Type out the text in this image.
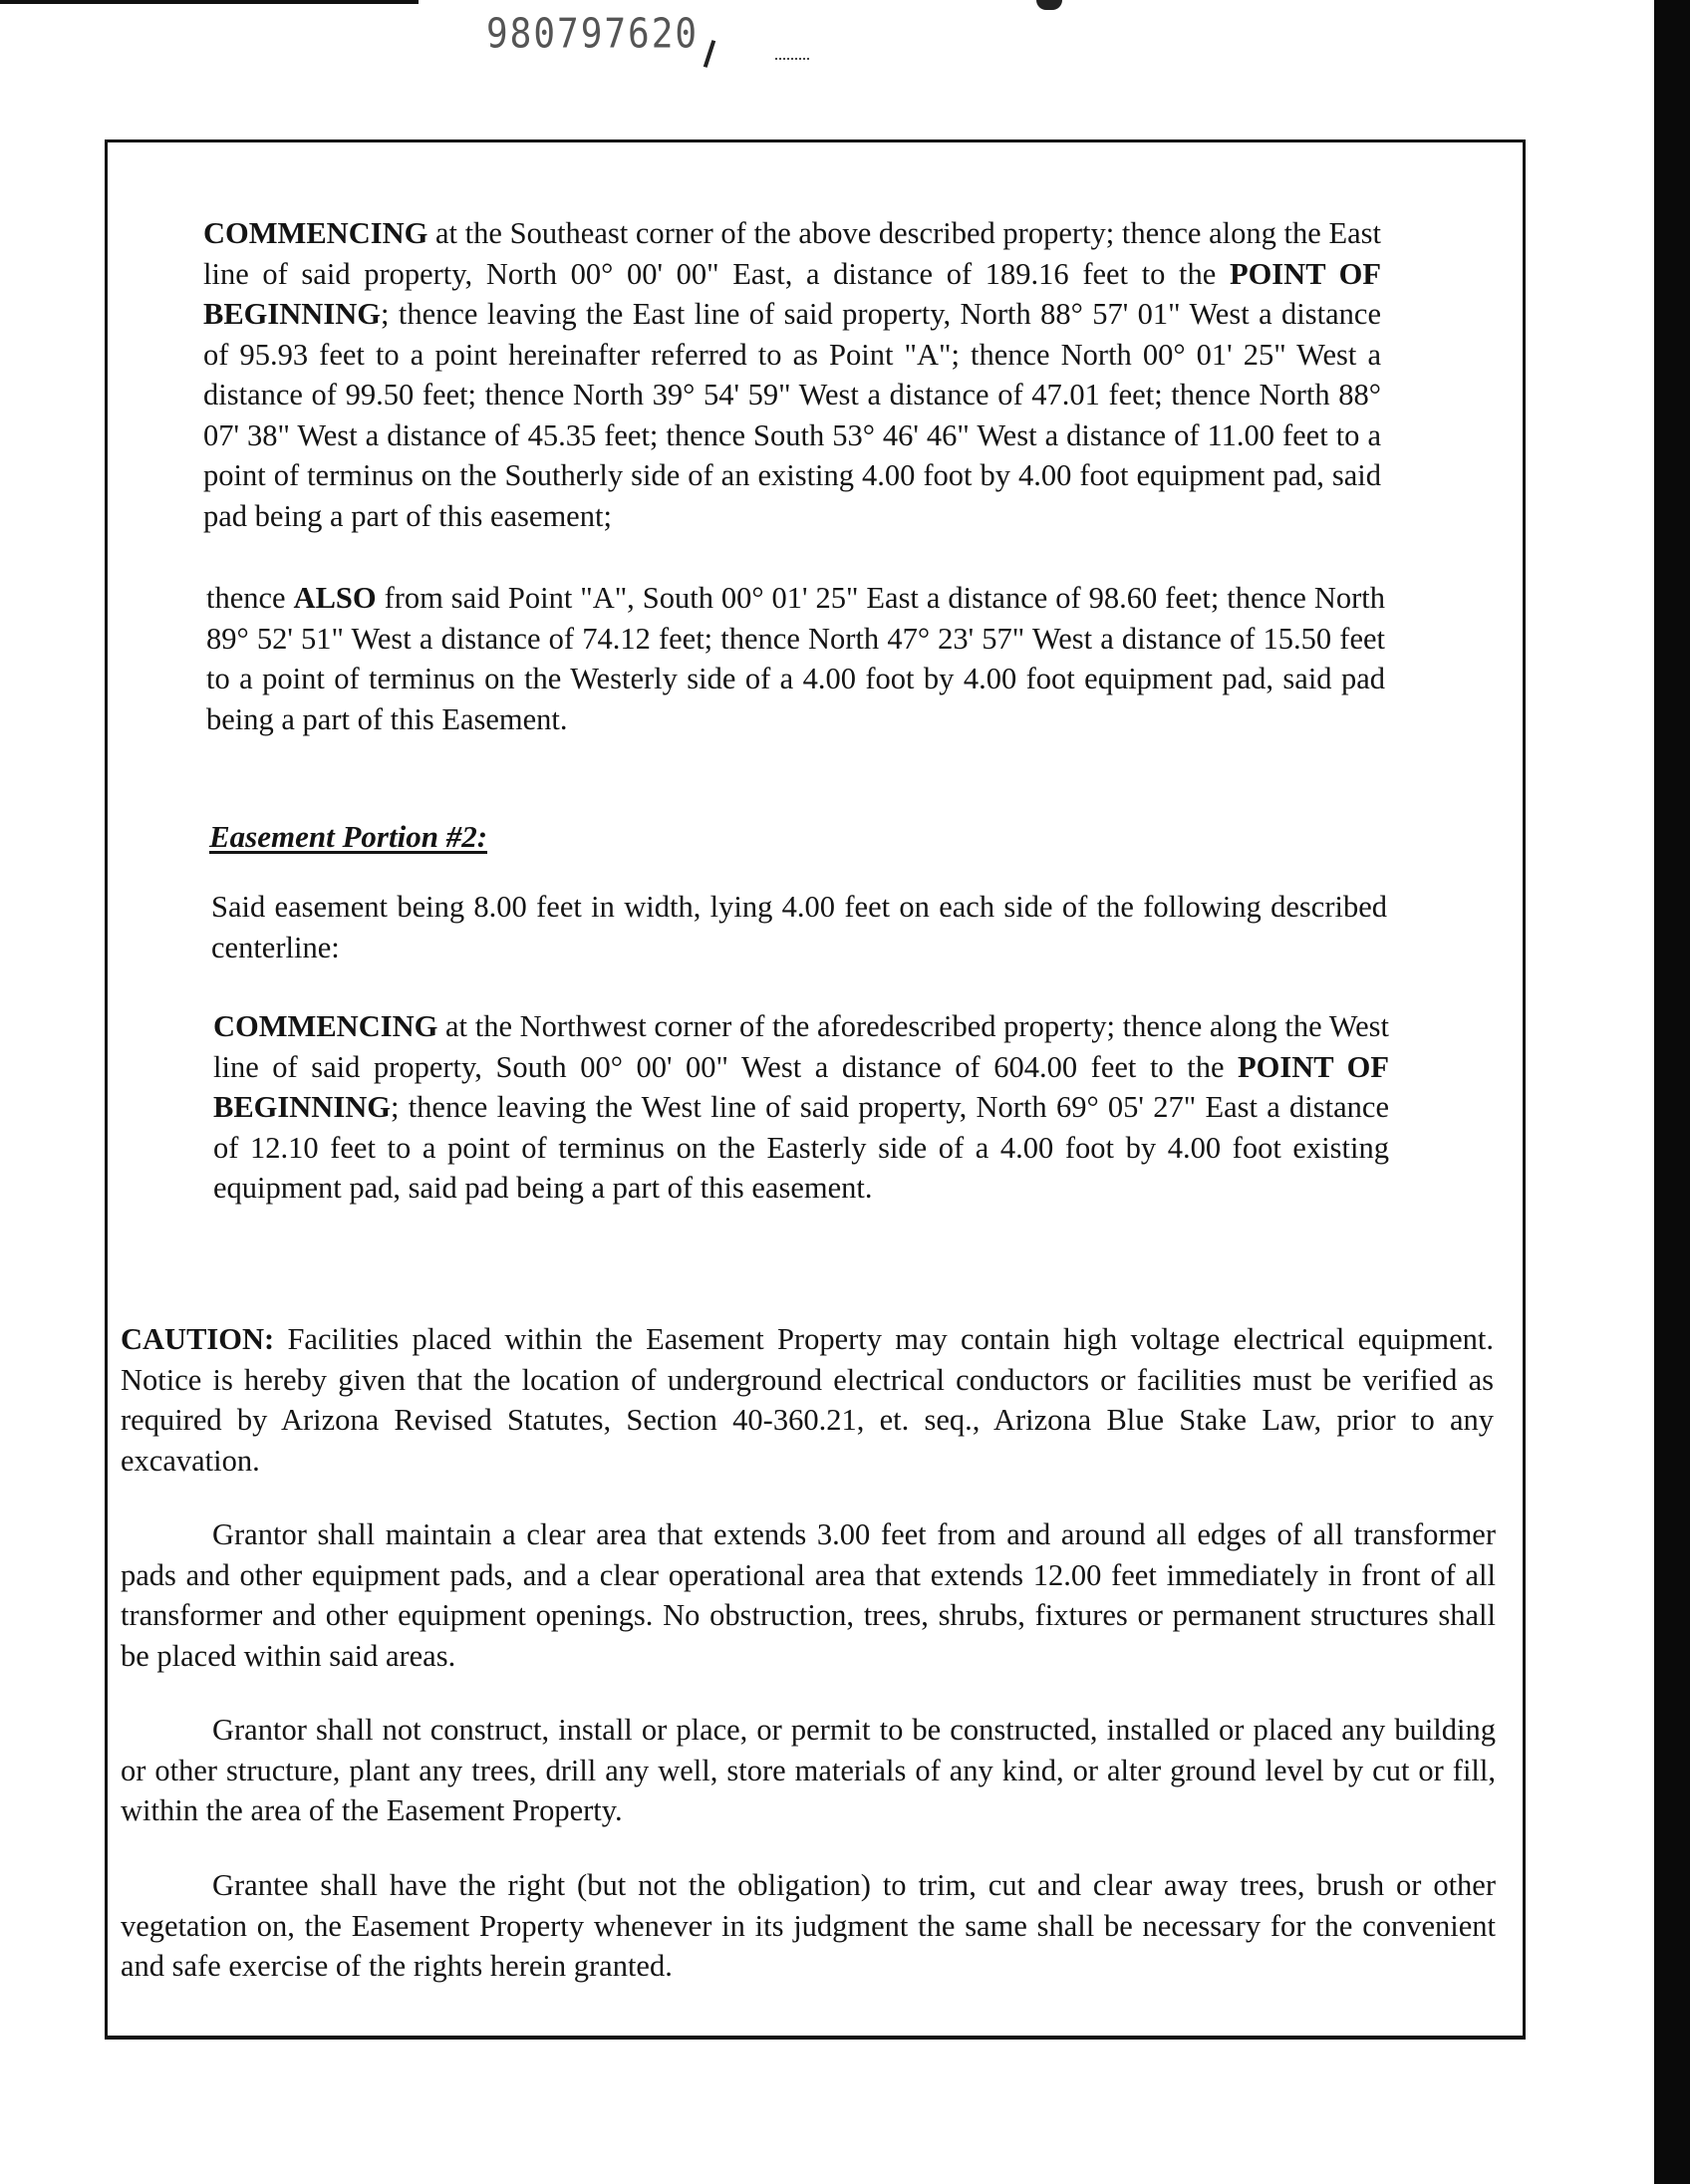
980797620

COMMENCING at the Southeast corner of the above described property; thence along the East line of said property, North 00° 00' 00" East, a distance of 189.16 feet to the POINT OF BEGINNING; thence leaving the East line of said property, North 88° 57' 01" West a distance of 95.93 feet to a point hereinafter referred to as Point "A"; thence North 00° 01' 25" West a distance of 99.50 feet; thence North 39° 54' 59" West a distance of 47.01 feet; thence North 88° 07' 38" West a distance of 45.35 feet; thence South 53° 46' 46" West a distance of 11.00 feet to a point of terminus on the Southerly side of an existing 4.00 foot by 4.00 foot equipment pad, said pad being a part of this easement;

thence ALSO from said Point "A", South 00° 01' 25" East a distance of 98.60 feet; thence North 89° 52' 51" West a distance of 74.12 feet; thence North 47° 23' 57" West a distance of 15.50 feet to a point of terminus on the Westerly side of a 4.00 foot by 4.00 foot equipment pad, said pad being a part of this Easement.

Easement Portion #2:

Said easement being 8.00 feet in width, lying 4.00 feet on each side of the following described centerline:

COMMENCING at the Northwest corner of the aforedescribed property; thence along the West line of said property, South 00° 00' 00" West a distance of 604.00 feet to the POINT OF BEGINNING; thence leaving the West line of said property, North 69° 05' 27" East a distance of 12.10 feet to a point of terminus on the Easterly side of a 4.00 foot by 4.00 foot existing equipment pad, said pad being a part of this easement.

CAUTION: Facilities placed within the Easement Property may contain high voltage electrical equipment. Notice is hereby given that the location of underground electrical conductors or facilities must be verified as required by Arizona Revised Statutes, Section 40-360.21, et. seq., Arizona Blue Stake Law, prior to any excavation.

Grantor shall maintain a clear area that extends 3.00 feet from and around all edges of all transformer pads and other equipment pads, and a clear operational area that extends 12.00 feet immediately in front of all transformer and other equipment openings. No obstruction, trees, shrubs, fixtures or permanent structures shall be placed within said areas.

Grantor shall not construct, install or place, or permit to be constructed, installed or placed any building or other structure, plant any trees, drill any well, store materials of any kind, or alter ground level by cut or fill, within the area of the Easement Property.

Grantee shall have the right (but not the obligation) to trim, cut and clear away trees, brush or other vegetation on, the Easement Property whenever in its judgment the same shall be necessary for the convenient and safe exercise of the rights herein granted.
